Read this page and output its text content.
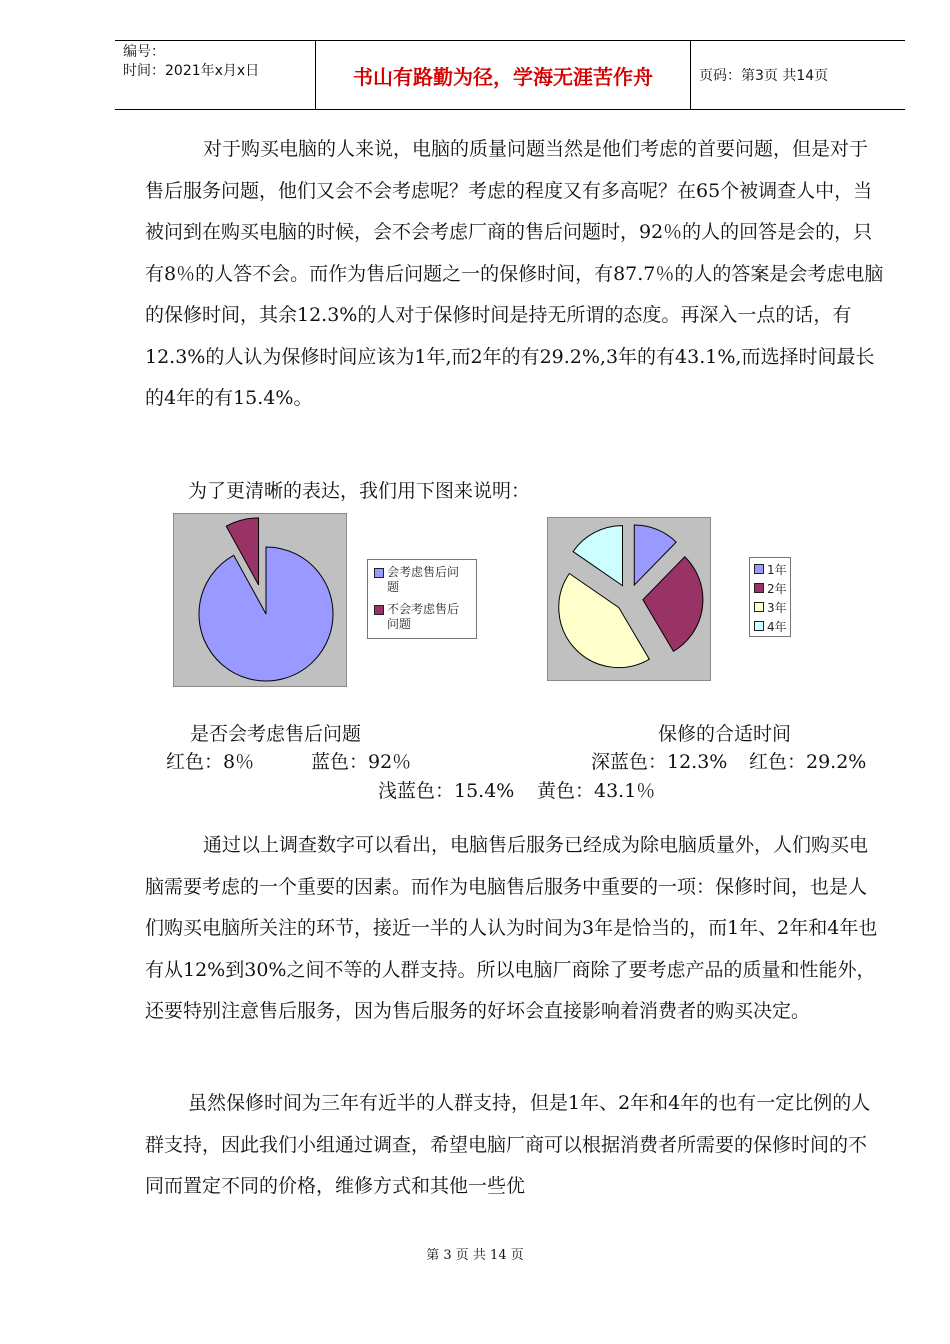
编号：
时间：2021年x月x日	书山有路勤为径，学海无涯苦作舟	页码：第3页 共14页

对于购买电脑的人来说，电脑的质量问题当然是他们考虑的首要问题，但是对于售后服务问题，他们又会不会考虑呢？考虑的程度又有多高呢？在65个被调查人中，当被问到在购买电脑的时候，会不会考虑厂商的售后问题时，92％的人的回答是会的，只有8％的人答不会。而作为售后问题之一的保修时间，有87.7％的人的答案是会考虑电脑的保修时间，其余12.3%的人对于保修时间是持无所谓的态度。再深入一点的话，有12.3%的人认为保修时间应该为1年,而2年的有29.2%,3年的有43.1%,而选择时间最长的4年的有15.4%。

为了更清晰的表达，我们用下图来说明：

会考虑售后问
题
不会考虑售后
问题
1年
2年
3年
4年
是否会考虑售后问题	保修的合适时间
红色：8％	蓝色：92％	深蓝色：12.3% 红色：29.2%
浅蓝色：15.4% 黄色：43.1％

通过以上调查数字可以看出，电脑售后服务已经成为除电脑质量外，人们购买电脑需要考虑的一个重要的因素。而作为电脑售后服务中重要的一项：保修时间，也是人们购买电脑所关注的环节，接近一半的人认为时间为3年是恰当的，而1年、2年和4年也有从12%到30%之间不等的人群支持。所以电脑厂商除了要考虑产品的质量和性能外，还要特别注意售后服务，因为售后服务的好坏会直接影响着消费者的购买决定。

虽然保修时间为三年有近半的人群支持，但是1年、2年和4年的也有一定比例的人群支持，因此我们小组通过调查，希望电脑厂商可以根据消费者所需要的保修时间的不同而置定不同的价格，维修方式和其他一些优

第 3 页 共 14 页
